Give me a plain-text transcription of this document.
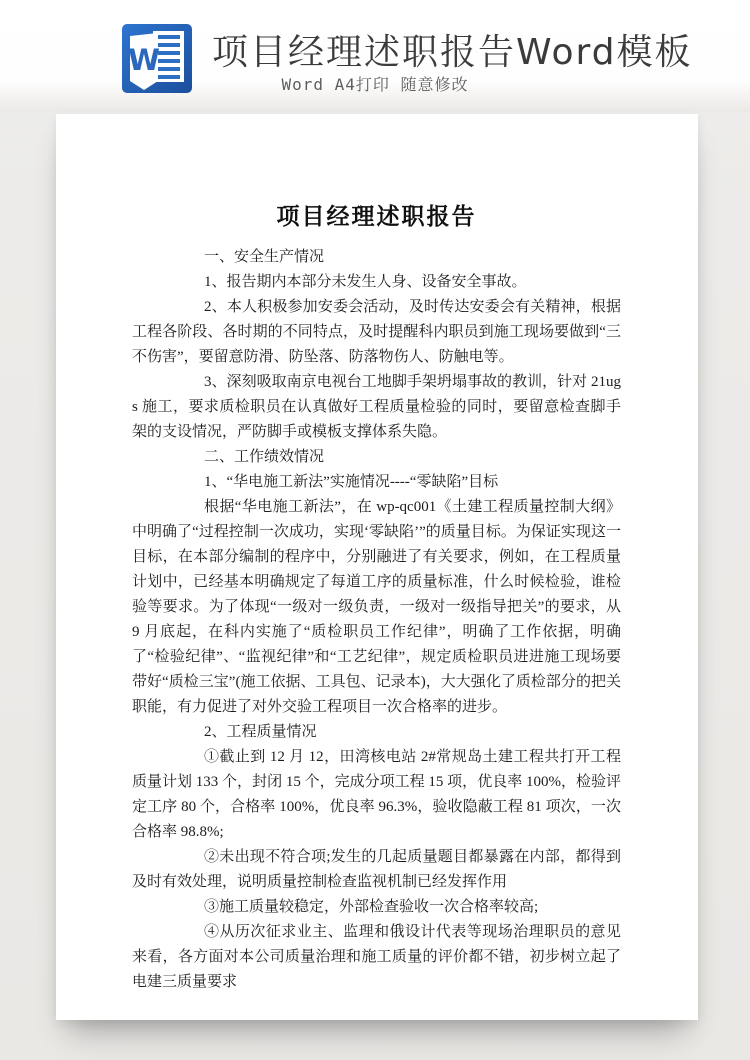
W 项目经理述职报告Word模板
Word A4打印 随意修改
项目经理述职报告

一、安全生产情况

1、报告期内本部分未发生人身、设备安全事故。

2、本人积极参加安委会活动，及时传达安委会有关精神，根据工程各阶段、各时期的不同特点，及时提醒科内职员到施工现场要做到“三不伤害”，要留意防滑、防坠落、防落物伤人、防触电等。

3、深刻吸取南京电视台工地脚手架坍塌事故的教训，针对 21ugs 施工，要求质检职员在认真做好工程质量检验的同时，要留意检查脚手架的支设情况，严防脚手或模板支撑体系失隐。

二、工作绩效情况

1、“华电施工新法”实施情况----“零缺陷”目标

根据“华电施工新法”，在 wp-qc001《土建工程质量控制大纲》中明确了“过程控制一次成功，实现‘零缺陷’”的质量目标。为保证实现这一目标，在本部分编制的程序中，分别融进了有关要求，例如，在工程质量计划中，已经基本明确规定了每道工序的质量标准，什么时候检验，谁检验等要求。为了体现“一级对一级负责，一级对一级指导把关”的要求，从 9 月底起，在科内实施了“质检职员工作纪律”，明确了工作依据，明确了“检验纪律”、“监视纪律”和“工艺纪律”，规定质检职员进进施工现场要带好“质检三宝”(施工依据、工具包、记录本)，大大强化了质检部分的把关职能，有力促进了对外交验工程项目一次合格率的进步。

2、工程质量情况

①截止到 12 月 12，田湾核电站 2#常规岛土建工程共打开工程质量计划 133 个，封闭 15 个，完成分项工程 15 项，优良率 100%，检验评定工序 80 个，合格率 100%，优良率 96.3%，验收隐蔽工程 81 项次，一次合格率 98.8%;

②未出现不符合项;发生的几起质量题目都暴露在内部，都得到及时有效处理，说明质量控制检查监视机制已经发挥作用

③施工质量较稳定，外部检查验收一次合格率较高;

④从历次征求业主、监理和俄设计代表等现场治理职员的意见来看，各方面对本公司质量治理和施工质量的评价都不错，初步树立起了电建三质量要求
